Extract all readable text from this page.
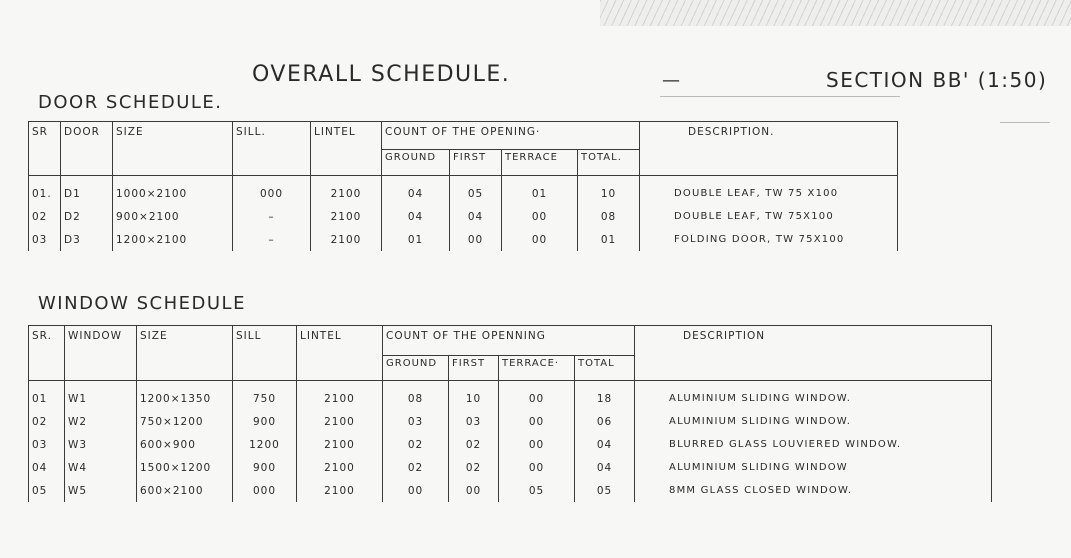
OVERALL SCHEDULE.	—	SECTION BB' (1:50)
DOOR SCHEDULE.
SR	DOOR	SIZE	SILL.	LINTEL	COUNT OF THE OPENING·				DESCRIPTION.
					GROUND	FIRST	TERRACE	TOTAL.	
01.	D1	1000×2100	000	2100	04	05	01	10	DOUBLE LEAF, TW 75 X100
02	D2	900×2100	–	2100	04	04	00	08	DOUBLE LEAF, TW 75X100
03	D3	1200×2100	–	2100	01	00	00	01	FOLDING DOOR, TW 75X100
WINDOW SCHEDULE
SR.	WINDOW	SIZE	SILL	LINTEL	COUNT OF THE OPENNING				DESCRIPTION
					GROUND	FIRST	TERRACE·	TOTAL	
01	W1	1200×1350	750	2100	08	10	00	18	ALUMINIUM SLIDING WINDOW.
02	W2	750×1200	900	2100	03	03	00	06	ALUMINIUM SLIDING WINDOW.
03	W3	600×900	1200	2100	02	02	00	04	BLURRED GLASS LOUVIERED WINDOW.
04	W4	1500×1200	900	2100	02	02	00	04	ALUMINIUM SLIDING WINDOW
05	W5	600×2100	000	2100	00	00	05	05	8MM GLASS CLOSED WINDOW.
